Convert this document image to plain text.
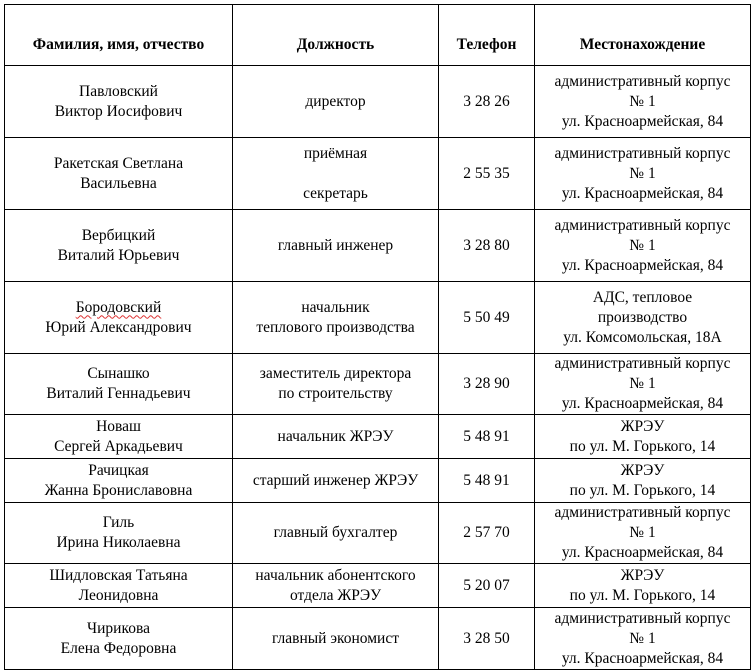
Фамилия, имя, отчество	Должность	Телефон	Местонахождение

Павловский
Виктор Иосифович	директор	3 28 26	административный корпус
№ 1
ул. Красноармейская, 84

Ракетская Светлана
Васильевна	приёмная
секретарь	2 55 35	административный корпус
№ 1
ул. Красноармейская, 84

Вербицкий
Виталий Юрьевич	главный инженер	3 28 80	административный корпус
№ 1
ул. Красноармейская, 84

Бородовский
Юрий Александрович	начальник
теплового производства	5 50 49	АДС, тепловое
производство
ул. Комсомольская, 18А

Сынашко
Виталий Геннадьевич	заместитель директора
по строительству	3 28 90	административный корпус
№ 1
ул. Красноармейская, 84

Новаш
Сергей Аркадьевич	начальник ЖРЭУ	5 48 91	ЖРЭУ
по ул. М. Горького, 14

Рачицкая
Жанна Брониславовна	старший инженер ЖРЭУ	5 48 91	ЖРЭУ
по ул. М. Горького, 14

Гиль
Ирина Николаевна	главный бухгалтер	2 57 70	административный корпус
№ 1
ул. Красноармейская, 84

Шидловская Татьяна
Леонидовна	начальник абонентского
отдела ЖРЭУ	5 20 07	ЖРЭУ
по ул. М. Горького, 14

Чирикова
Елена Федоровна	главный экономист	3 28 50	административный корпус
№ 1
ул. Красноармейская, 84
